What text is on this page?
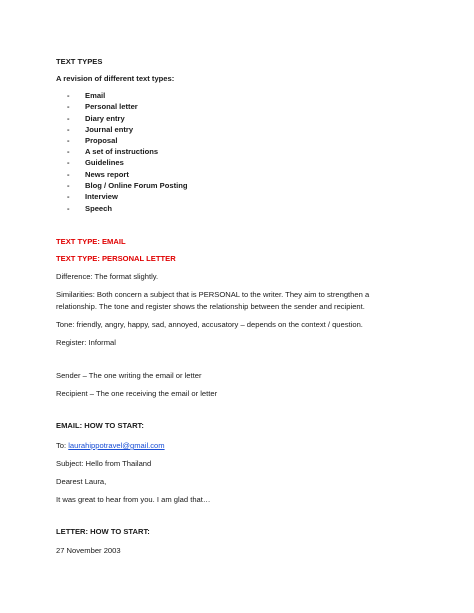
TEXT TYPES
A revision of different text types:
- Email
- Personal letter
- Diary entry
- Journal entry
- Proposal
- A set of instructions
- Guidelines
- News report
- Blog / Online Forum Posting
- Interview
- Speech
TEXT TYPE: EMAIL
TEXT TYPE: PERSONAL LETTER
Difference: The format slightly.
Similarities: Both concern a subject that is PERSONAL to the writer. They aim to strengthen a
relationship. The tone and register shows the relationship between the sender and recipient.
Tone: friendly, angry, happy, sad, annoyed, accusatory – depends on the context / question.
Register: Informal
Sender – The one writing the email or letter
Recipient – The one receiving the email or letter
EMAIL: HOW TO START:
To: laurahippotravel@gmail.com
Subject: Hello from Thailand
Dearest Laura,
It was great to hear from you. I am glad that…
LETTER: HOW TO START:
27 November 2003
